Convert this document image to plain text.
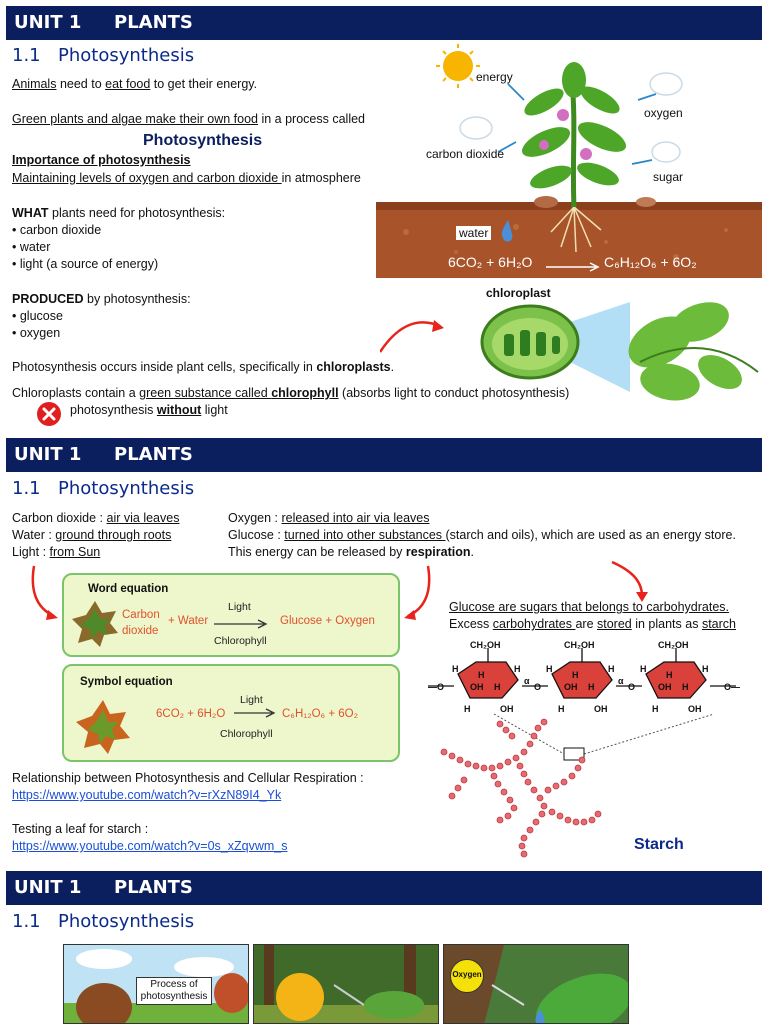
UNIT 1 PLANTS
1.1 Photosynthesis
Animals need to eat food to get their energy.
Green plants and algae make their own food in a process called
Photosynthesis
Importance of photosynthesis
Maintaining levels of oxygen and carbon dioxide in atmosphere
WHAT plants need for photosynthesis:
• carbon dioxide
• water
• light (a source of energy)
PRODUCED by photosynthesis:
• glucose
• oxygen
Photosynthesis occurs inside plant cells, specifically in chloroplasts.
Chloroplasts contain a green substance called chlorophyll (absorbs light to conduct photosynthesis)
photosynthesis without light
energy
oxygen
carbon dioxide
sugar
water
6CO₂ + 6H₂O	C₆H₁₂O₆ + 6O₂
chloroplast
UNIT 1 PLANTS
1.1 Photosynthesis
Carbon dioxide : air via leaves
Water : ground through roots
Light : from Sun
Oxygen : released into air via leaves
Glucose : turned into other substances (starch and oils), which are used as an energy store.
This energy can be released by respiration.
Word equation
Carbon
dioxide
+ Water
Light
Chlorophyll
Glucose + Oxygen
Symbol equation
6CO₂ + 6H₂O
Light
C₆H₁₂O₆ + 6O₂
Chlorophyll
Glucose are sugars that belongs to carbohydrates.
Excess carbohydrates are stored in plants as starch
CH₂OH	CH₂OH	CH₂OH
H	H	H	H	H	H
H	H	H
OH H	OH H	OH H
α	α
O	O
—O	O—
H	OH	H	OH	H	OH
Starch
Relationship between Photosynthesis and Cellular Respiration :
https://www.youtube.com/watch?v=rXzN89I4_Yk
Testing a leaf for starch :
https://www.youtube.com/watch?v=0s_xZqvwm_s
UNIT 1 PLANTS
1.1 Photosynthesis
Process of photosynthesis
Oxygen
